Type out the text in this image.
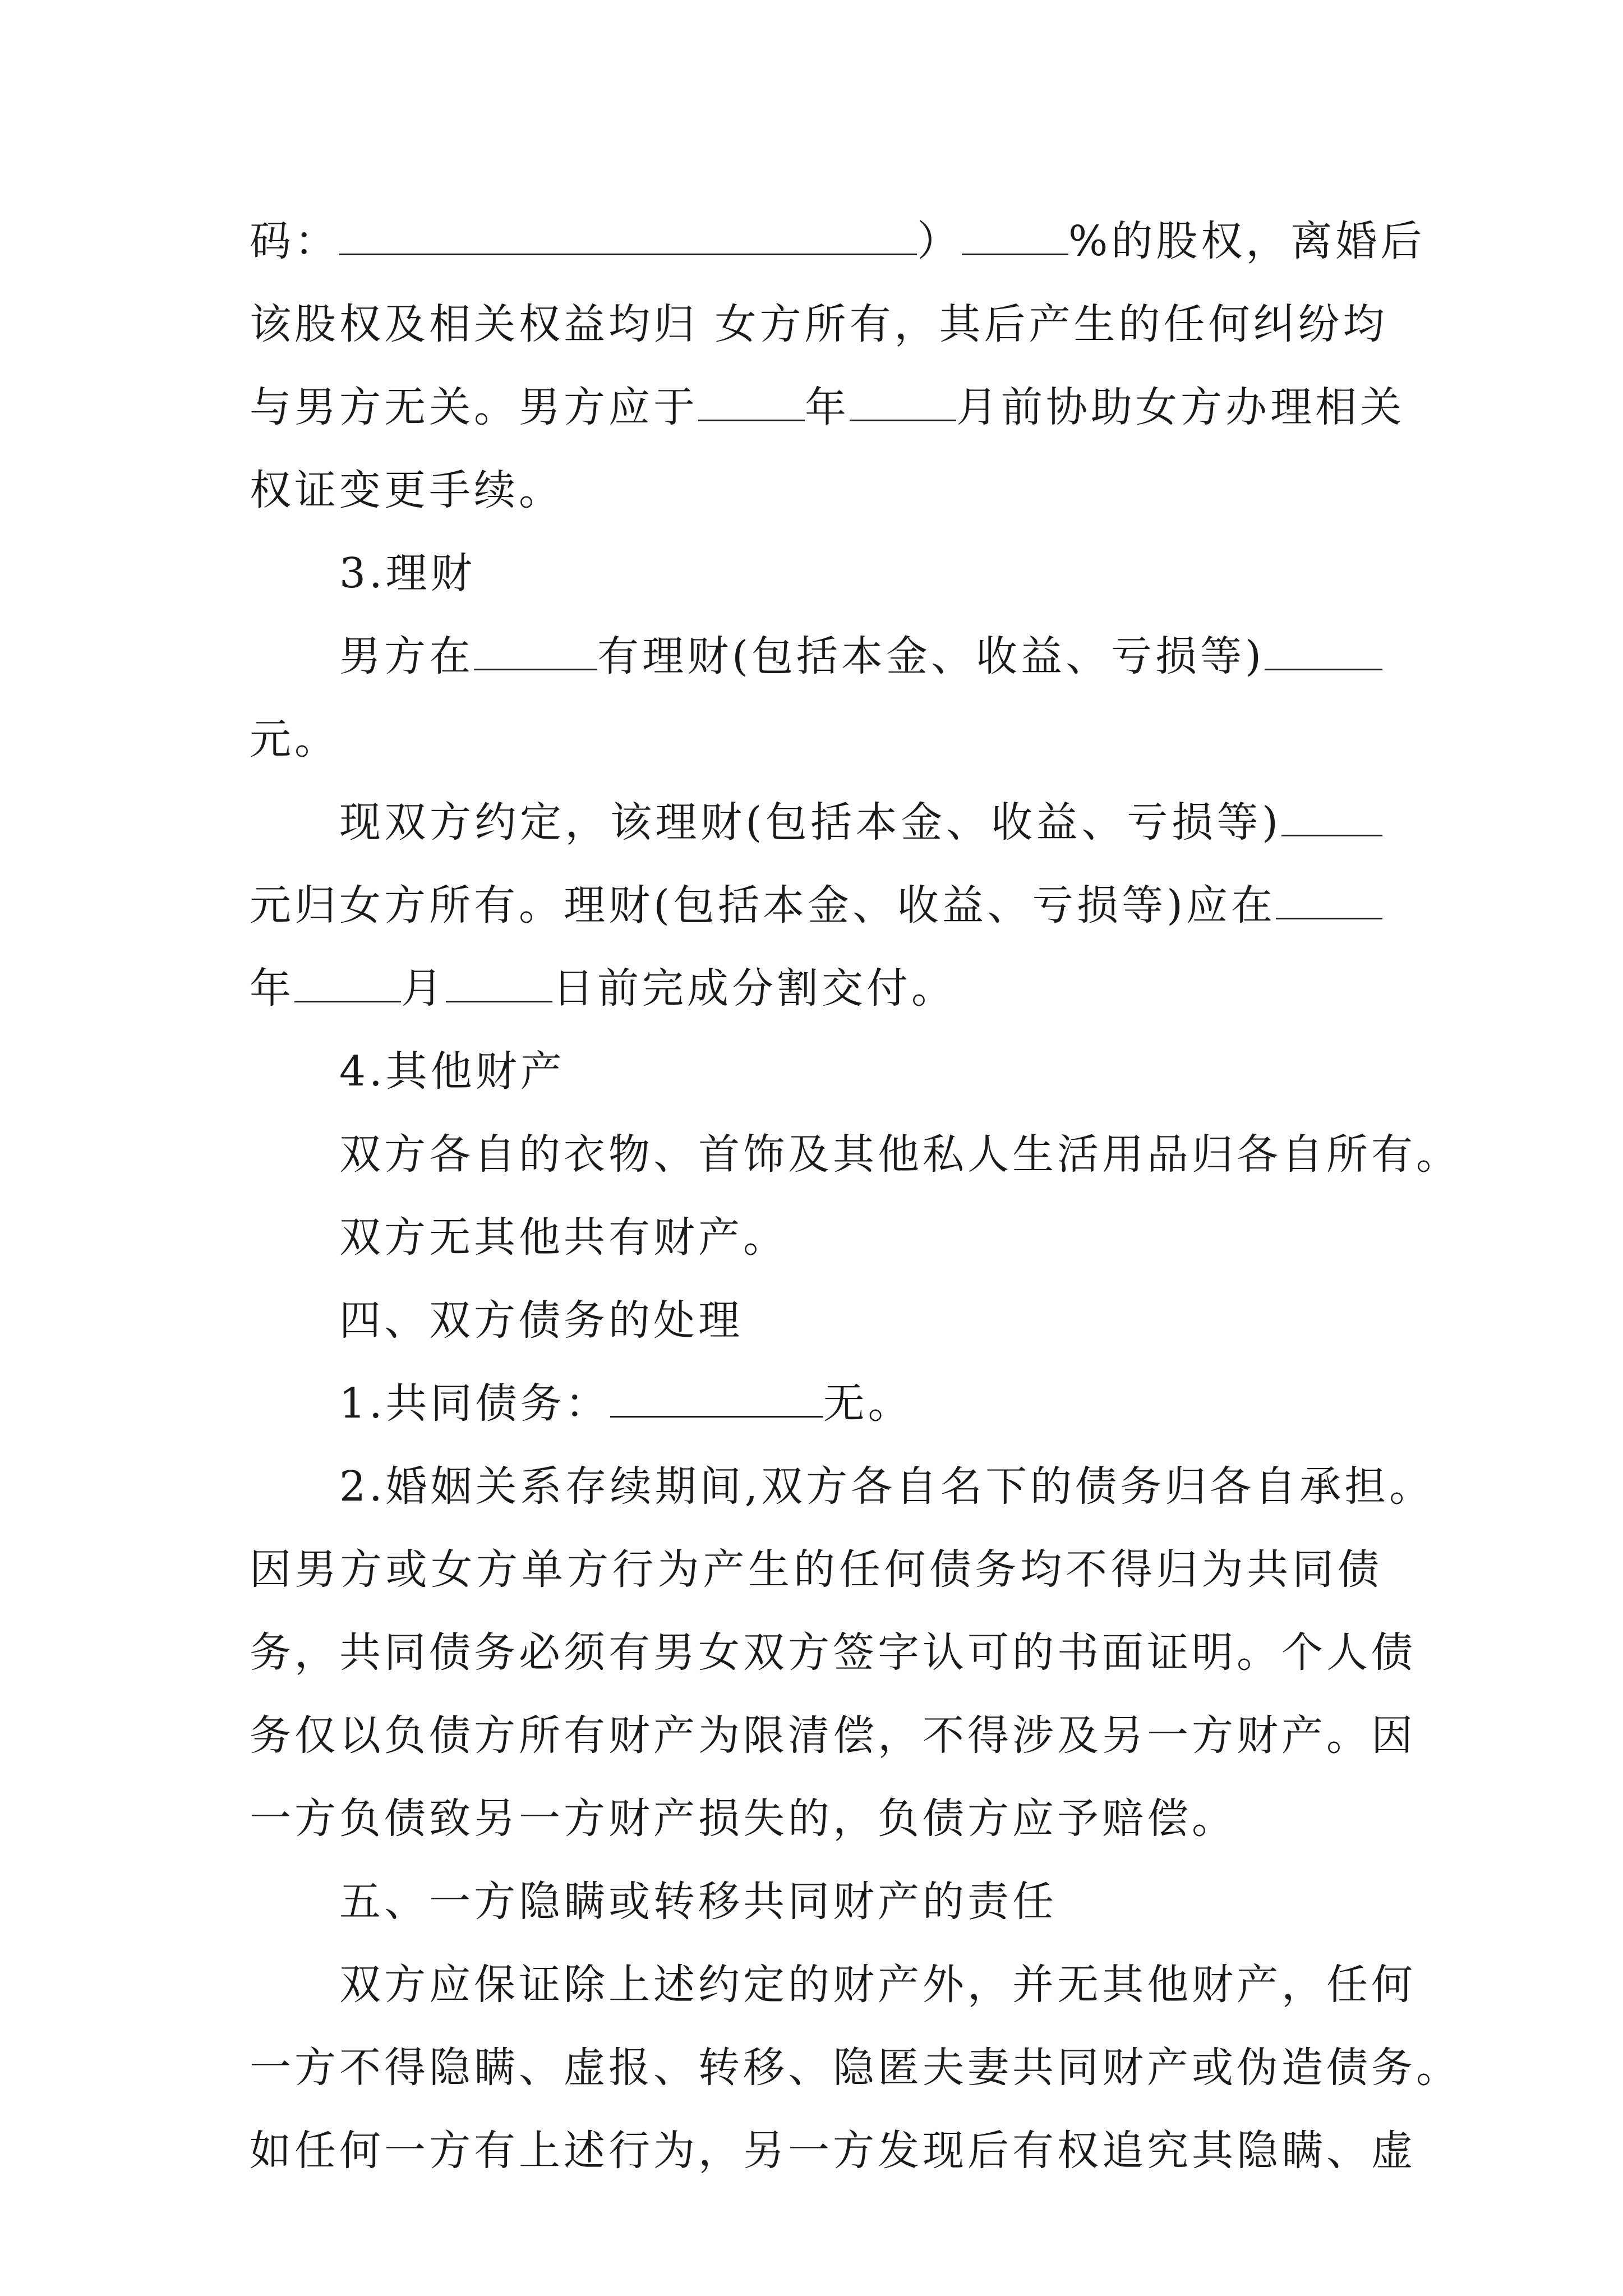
码：	）	%的股权，离婚后
该股权及相关权益均归 女方所有，其后产生的任何纠纷均
与男方无关。男方应于	年	月前协助女方办理相关
权证变更手续。
3.理财
男方在	有理财(包括本金、收益、亏损等)
元。
现双方约定，该理财(包括本金、收益、亏损等)
元归女方所有。理财(包括本金、收益、亏损等)应在
年	月	日前完成分割交付。
4.其他财产
双方各自的衣物、首饰及其他私人生活用品归各自所有。
双方无其他共有财产。
四、双方债务的处理
1.共同债务：	无。
2.婚姻关系存续期间,双方各自名下的债务归各自承担。
因男方或女方单方行为产生的任何债务均不得归为共同债
务，共同债务必须有男女双方签字认可的书面证明。个人债
务仅以负债方所有财产为限清偿，不得涉及另一方财产。因
一方负债致另一方财产损失的，负债方应予赔偿。
五、一方隐瞒或转移共同财产的责任
双方应保证除上述约定的财产外，并无其他财产，任何
一方不得隐瞒、虚报、转移、隐匿夫妻共同财产或伪造债务。
如任何一方有上述行为，另一方发现后有权追究其隐瞒、虚
